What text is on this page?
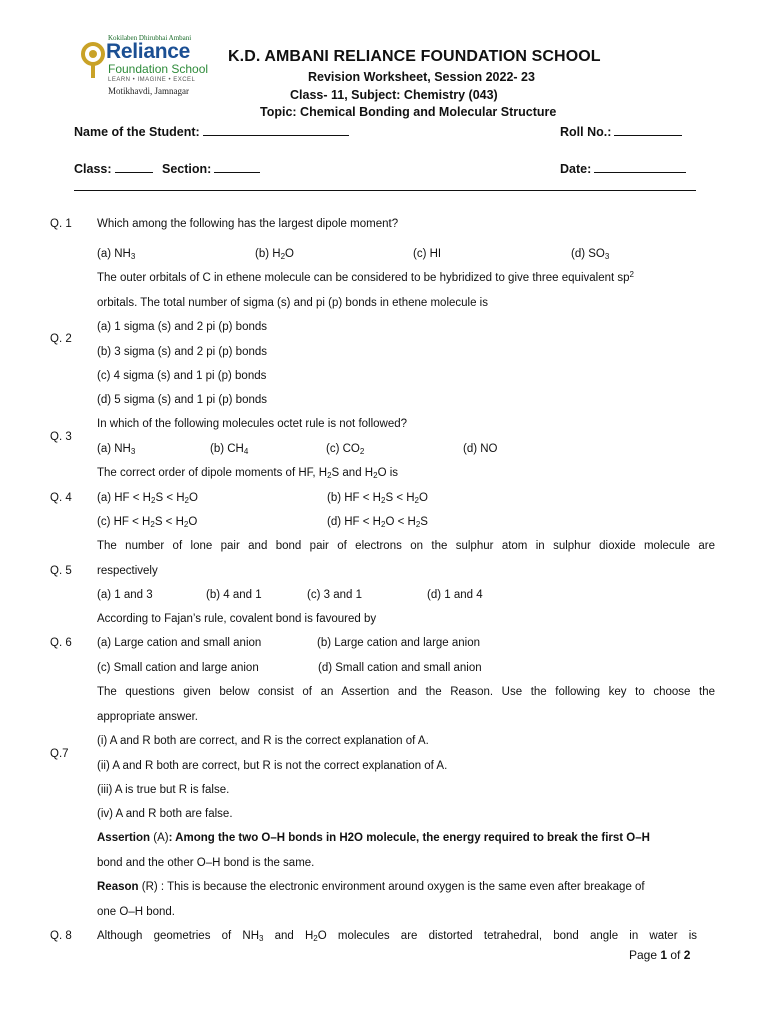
Kokilaben Dhirubhai Ambani
Reliance
Foundation School
LEARN • IMAGINE • EXCEL
Motikhavdi, Jamnagar
K.D. AMBANI RELIANCE FOUNDATION SCHOOL
Revision Worksheet, Session 2022- 23
Class- 11, Subject: Chemistry (043)
Topic: Chemical Bonding and Molecular Structure
Name of the Student:	Roll No.:
Class:	Section:	Date:
Q. 1 Which among the following has the largest dipole moment?
(a) $NH_3$	(b) $H_2O$	(c) HI	(d) $SO_3$
The outer orbitals of C in ethene molecule can be considered to be hybridized to give three equivalent $sp^2$
orbitals. The total number of sigma (s) and pi (p) bonds in ethene molecule is
Q. 2
(a) 1 sigma (s) and 2 pi (p) bonds
(b) 3 sigma (s) and 2 pi (p) bonds
(c) 4 sigma (s) and 1 pi (p) bonds
(d) 5 sigma (s) and 1 pi (p) bonds
In which of the following molecules octet rule is not followed?
Q. 3
(a) $NH_3$	(b) $CH_4$	(c) $CO_2$	(d) NO
The correct order of dipole moments of HF, $H_2S$ and $H_2O$ is
Q. 4 (a) HF < $H_2S < H_2O$	(b) HF < $H_2S < H_2O$
(c) HF < $H_2S < H_2O$	(d) HF < $H_2O < H_2S$
The number of lone pair and bond pair of electrons on the sulphur atom in sulphur dioxide molecule are
Q. 5 respectively
(a) 1 and 3	(b) 4 and 1	(c) 3 and 1	(d) 1 and 4
According to Fajan’s rule, covalent bond is favoured by
Q. 6 (a) Large cation and small anion	(b) Large cation and large anion
(c) Small cation and large anion	(d) Small cation and small anion
The questions given below consist of an Assertion and the Reason. Use the following key to choose the
appropriate answer.
Q.7
(i) A and R both are correct, and R is the correct explanation of A.
(ii) A and R both are correct, but R is not the correct explanation of A.
(iii) A is true but R is false.
(iv) A and R both are false.
Assertion (A): Among the two O–H bonds in H2O molecule, the energy required to break the first O–H
bond and the other O–H bond is the same.
Reason (R) : This is because the electronic environment around oxygen is the same even after breakage of
one O–H bond.
Q. 8 Although geometries of $NH_3$ and $H_2O$ molecules are distorted tetrahedral, bond angle in water is
Page 1 of 2
